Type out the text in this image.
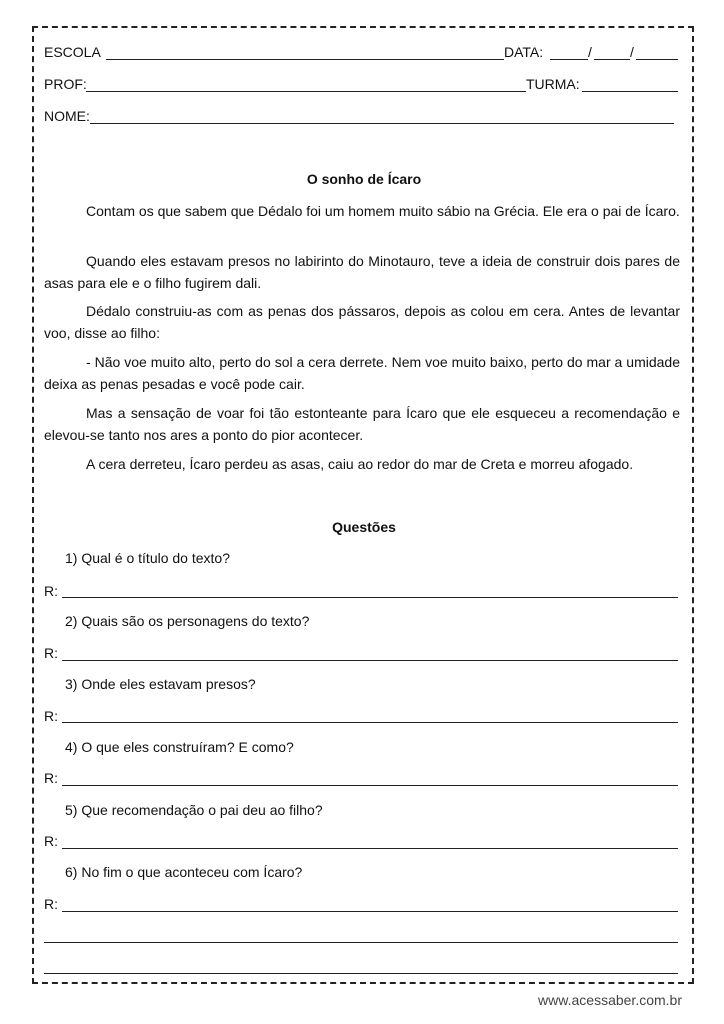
ESCOLA	DATA:	/	/
PROF:	TURMA:
NOME:
O sonho de Ícaro

Contam os que sabem que Dédalo foi um homem muito sábio na Grécia. Ele era o pai de Ícaro.

Quando eles estavam presos no labirinto do Minotauro, teve a ideia de construir dois pares de asas para ele e o filho fugirem dali.

Dédalo construiu-as com as penas dos pássaros, depois as colou em cera. Antes de levantar voo, disse ao filho:

- Não voe muito alto, perto do sol a cera derrete. Nem voe muito baixo, perto do mar a umidade deixa as penas pesadas e você pode cair.

Mas a sensação de voar foi tão estonteante para Ícaro que ele esqueceu a recomendação e elevou-se tanto nos ares a ponto do pior acontecer.

A cera derreteu, Ícaro perdeu as asas, caiu ao redor do mar de Creta e morreu afogado.

Questões
1) Qual é o título do texto?
R:
2) Quais são os personagens do texto?
R:
3) Onde eles estavam presos?
R:
4) O que eles construíram? E como?
R:
5) Que recomendação o pai deu ao filho?
R:
6) No fim o que aconteceu com Ícaro?
R:
www.acessaber.com.br
